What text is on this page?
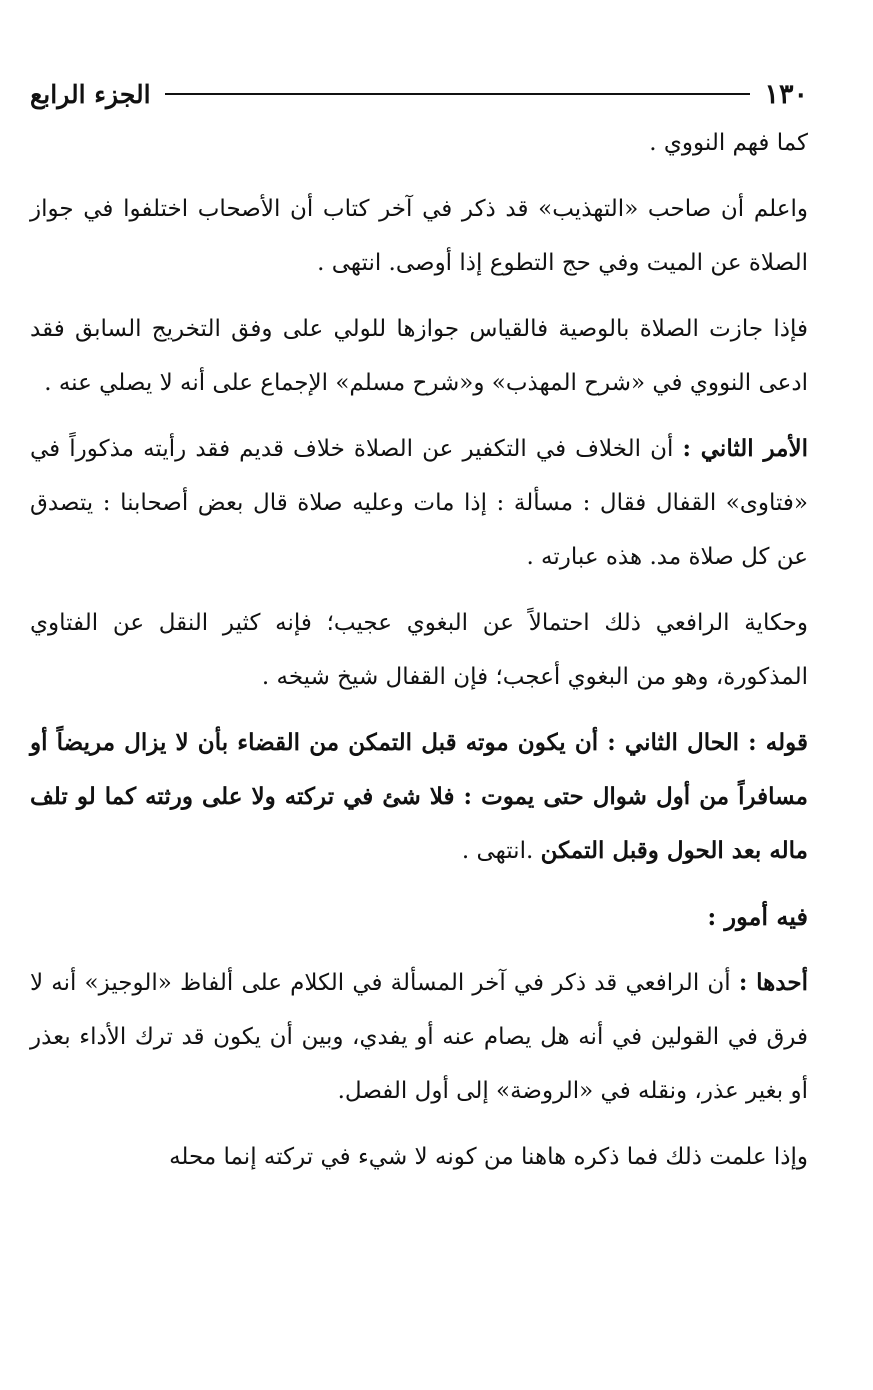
١٣٠
الجزء الرابع

كما فهم النووي .

واعلم أن صاحب «التهذيب» قد ذكر في آخر كتاب أن الأصحاب اختلفوا في جواز الصلاة عن الميت وفي حج التطوع إذا أوصى. انتهى .

فإذا جازت الصلاة بالوصية فالقياس جوازها للولي على وفق التخريج السابق فقد ادعى النووي في «شرح المهذب» و«شرح مسلم» الإجماع على أنه لا يصلي عنه .

الأمر الثاني : أن الخلاف في التكفير عن الصلاة خلاف قديم فقد رأيته مذكوراً في «فتاوى» القفال فقال : مسألة : إذا مات وعليه صلاة قال بعض أصحابنا : يتصدق عن كل صلاة مد. هذه عبارته .

وحكاية الرافعي ذلك احتمالاً عن البغوي عجيب؛ فإنه كثير النقل عن الفتاوي المذكورة، وهو من البغوي أعجب؛ فإن القفال شيخ شيخه .

قوله : الحال الثاني : أن يكون موته قبل التمكن من القضاء بأن لا يزال مريضاً أو مسافراً من أول شوال حتى يموت : فلا شئ في تركته ولا على ورثته كما لو تلف ماله بعد الحول وقبل التمكن .انتهى .

فيه أمور :

أحدها : أن الرافعي قد ذكر في آخر المسألة في الكلام على ألفاظ «الوجيز» أنه لا فرق في القولين في أنه هل يصام عنه أو يفدي، وبين أن يكون قد ترك الأداء بعذر أو بغير عذر، ونقله في «الروضة» إلى أول الفصل.

وإذا علمت ذلك فما ذكره هاهنا من كونه لا شيء في تركته إنما محله
